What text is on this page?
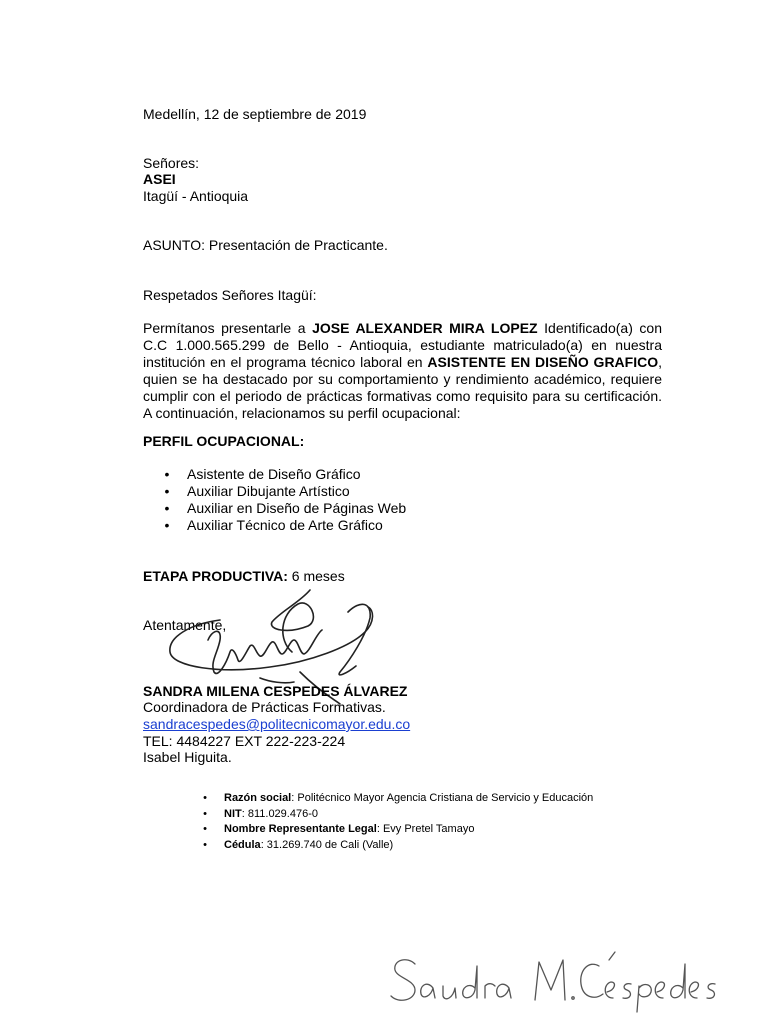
Medellín, 12 de septiembre de 2019
Señores:
ASEI
Itagüí - Antioquia
ASUNTO: Presentación de Practicante.
Respetados Señores Itagüí:
Permítanos presentarle a JOSE ALEXANDER MIRA LOPEZ Identificado(a) con C.C 1.000.565.299 de Bello - Antioquia, estudiante matriculado(a) en nuestra institución en el programa técnico laboral en ASISTENTE EN DISEÑO GRAFICO, quien se ha destacado por su comportamiento y rendimiento académico, requiere cumplir con el periodo de prácticas formativas como requisito para su certificación. A continuación, relacionamos su perfil ocupacional:
PERFIL OCUPACIONAL:
•	Asistente de Diseño Gráfico
•	Auxiliar Dibujante Artístico
•	Auxiliar en Diseño de Páginas Web
•	Auxiliar Técnico de Arte Gráfico
ETAPA PRODUCTIVA: 6 meses
Atentamente,
SANDRA MILENA CESPEDES ÁLVAREZ
Coordinadora de Prácticas Formativas.
sandracespedes@politecnicomayor.edu.co
TEL: 4484227 EXT 222-223-224
Isabel Higuita.
• Razón social: Politécnico Mayor Agencia Cristiana de Servicio y Educación
• NIT: 811.029.476-0
• Nombre Representante Legal: Evy Pretel Tamayo
• Cédula: 31.269.740 de Cali (Valle)
